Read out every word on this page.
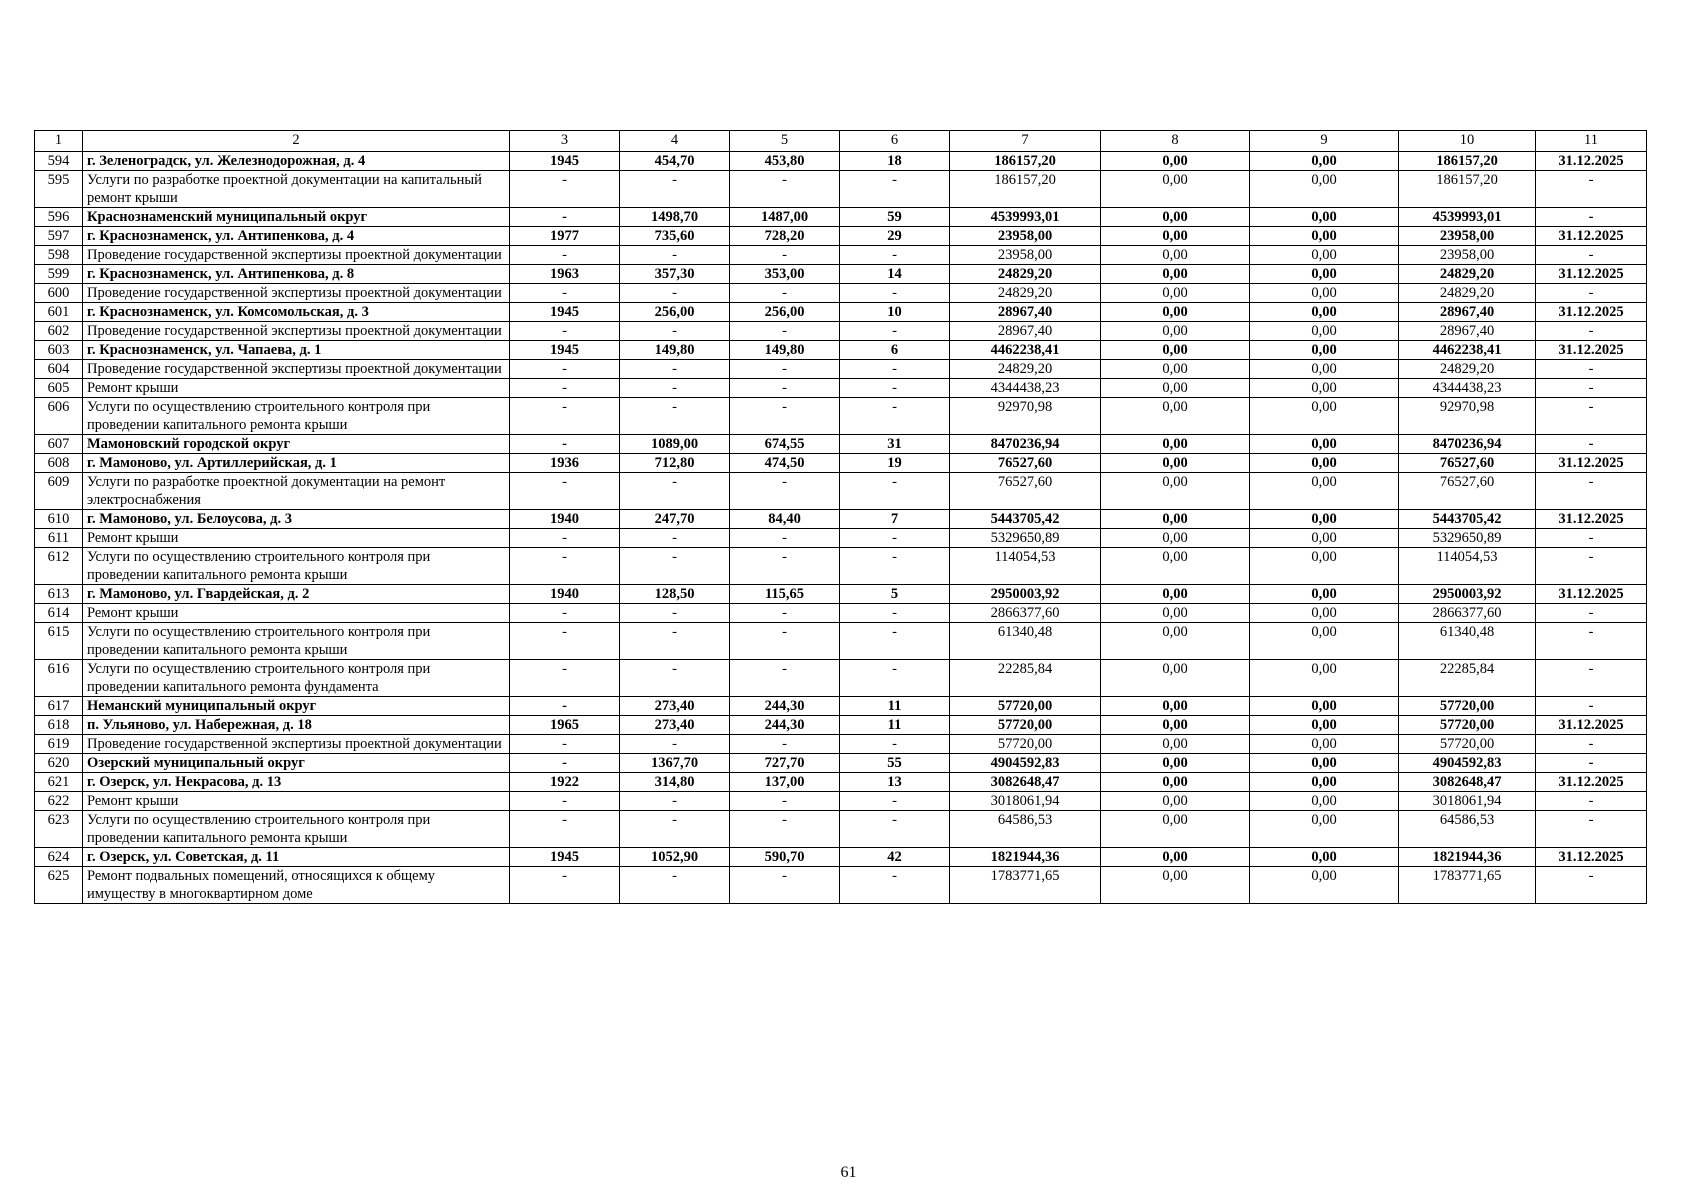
1	2	3	4	5	6	7	8	9	10	11
594	г. Зеленоградск, ул. Железнодорожная, д. 4	1945	454,70	453,80	18	186157,20	0,00	0,00	186157,20	31.12.2025
595	Услуги по разработке проектной документации на капитальный ремонт крыши	-	-	-	-	186157,20	0,00	0,00	186157,20	-
596	Краснознаменский муниципальный округ	-	1498,70	1487,00	59	4539993,01	0,00	0,00	4539993,01	-
597	г. Краснознаменск, ул. Антипенкова, д. 4	1977	735,60	728,20	29	23958,00	0,00	0,00	23958,00	31.12.2025
598	Проведение государственной экспертизы проектной документации	-	-	-	-	23958,00	0,00	0,00	23958,00	-
599	г. Краснознаменск, ул. Антипенкова, д. 8	1963	357,30	353,00	14	24829,20	0,00	0,00	24829,20	31.12.2025
600	Проведение государственной экспертизы проектной документации	-	-	-	-	24829,20	0,00	0,00	24829,20	-
601	г. Краснознаменск, ул. Комсомольская, д. 3	1945	256,00	256,00	10	28967,40	0,00	0,00	28967,40	31.12.2025
602	Проведение государственной экспертизы проектной документации	-	-	-	-	28967,40	0,00	0,00	28967,40	-
603	г. Краснознаменск, ул. Чапаева, д. 1	1945	149,80	149,80	6	4462238,41	0,00	0,00	4462238,41	31.12.2025
604	Проведение государственной экспертизы проектной документации	-	-	-	-	24829,20	0,00	0,00	24829,20	-
605	Ремонт крыши	-	-	-	-	4344438,23	0,00	0,00	4344438,23	-
606	Услуги по осуществлению строительного контроля при проведении капитального ремонта крыши	-	-	-	-	92970,98	0,00	0,00	92970,98	-
607	Мамоновский городской округ	-	1089,00	674,55	31	8470236,94	0,00	0,00	8470236,94	-
608	г. Мамоново, ул. Артиллерийская, д. 1	1936	712,80	474,50	19	76527,60	0,00	0,00	76527,60	31.12.2025
609	Услуги по разработке проектной документации на ремонт электроснабжения	-	-	-	-	76527,60	0,00	0,00	76527,60	-
610	г. Мамоново, ул. Белоусова, д. 3	1940	247,70	84,40	7	5443705,42	0,00	0,00	5443705,42	31.12.2025
611	Ремонт крыши	-	-	-	-	5329650,89	0,00	0,00	5329650,89	-
612	Услуги по осуществлению строительного контроля при проведении капитального ремонта крыши	-	-	-	-	114054,53	0,00	0,00	114054,53	-
613	г. Мамоново, ул. Гвардейская, д. 2	1940	128,50	115,65	5	2950003,92	0,00	0,00	2950003,92	31.12.2025
614	Ремонт крыши	-	-	-	-	2866377,60	0,00	0,00	2866377,60	-
615	Услуги по осуществлению строительного контроля при проведении капитального ремонта крыши	-	-	-	-	61340,48	0,00	0,00	61340,48	-
616	Услуги по осуществлению строительного контроля при проведении капитального ремонта фундамента	-	-	-	-	22285,84	0,00	0,00	22285,84	-
617	Неманский муниципальный округ	-	273,40	244,30	11	57720,00	0,00	0,00	57720,00	-
618	п. Ульяново, ул. Набережная, д. 18	1965	273,40	244,30	11	57720,00	0,00	0,00	57720,00	31.12.2025
619	Проведение государственной экспертизы проектной документации	-	-	-	-	57720,00	0,00	0,00	57720,00	-
620	Озерский муниципальный округ	-	1367,70	727,70	55	4904592,83	0,00	0,00	4904592,83	-
621	г. Озерск, ул. Некрасова, д. 13	1922	314,80	137,00	13	3082648,47	0,00	0,00	3082648,47	31.12.2025
622	Ремонт крыши	-	-	-	-	3018061,94	0,00	0,00	3018061,94	-
623	Услуги по осуществлению строительного контроля при проведении капитального ремонта крыши	-	-	-	-	64586,53	0,00	0,00	64586,53	-
624	г. Озерск, ул. Советская, д. 11	1945	1052,90	590,70	42	1821944,36	0,00	0,00	1821944,36	31.12.2025
625	Ремонт подвальных помещений, относящихся к общему имуществу в многоквартирном доме	-	-	-	-	1783771,65	0,00	0,00	1783771,65	-
61
